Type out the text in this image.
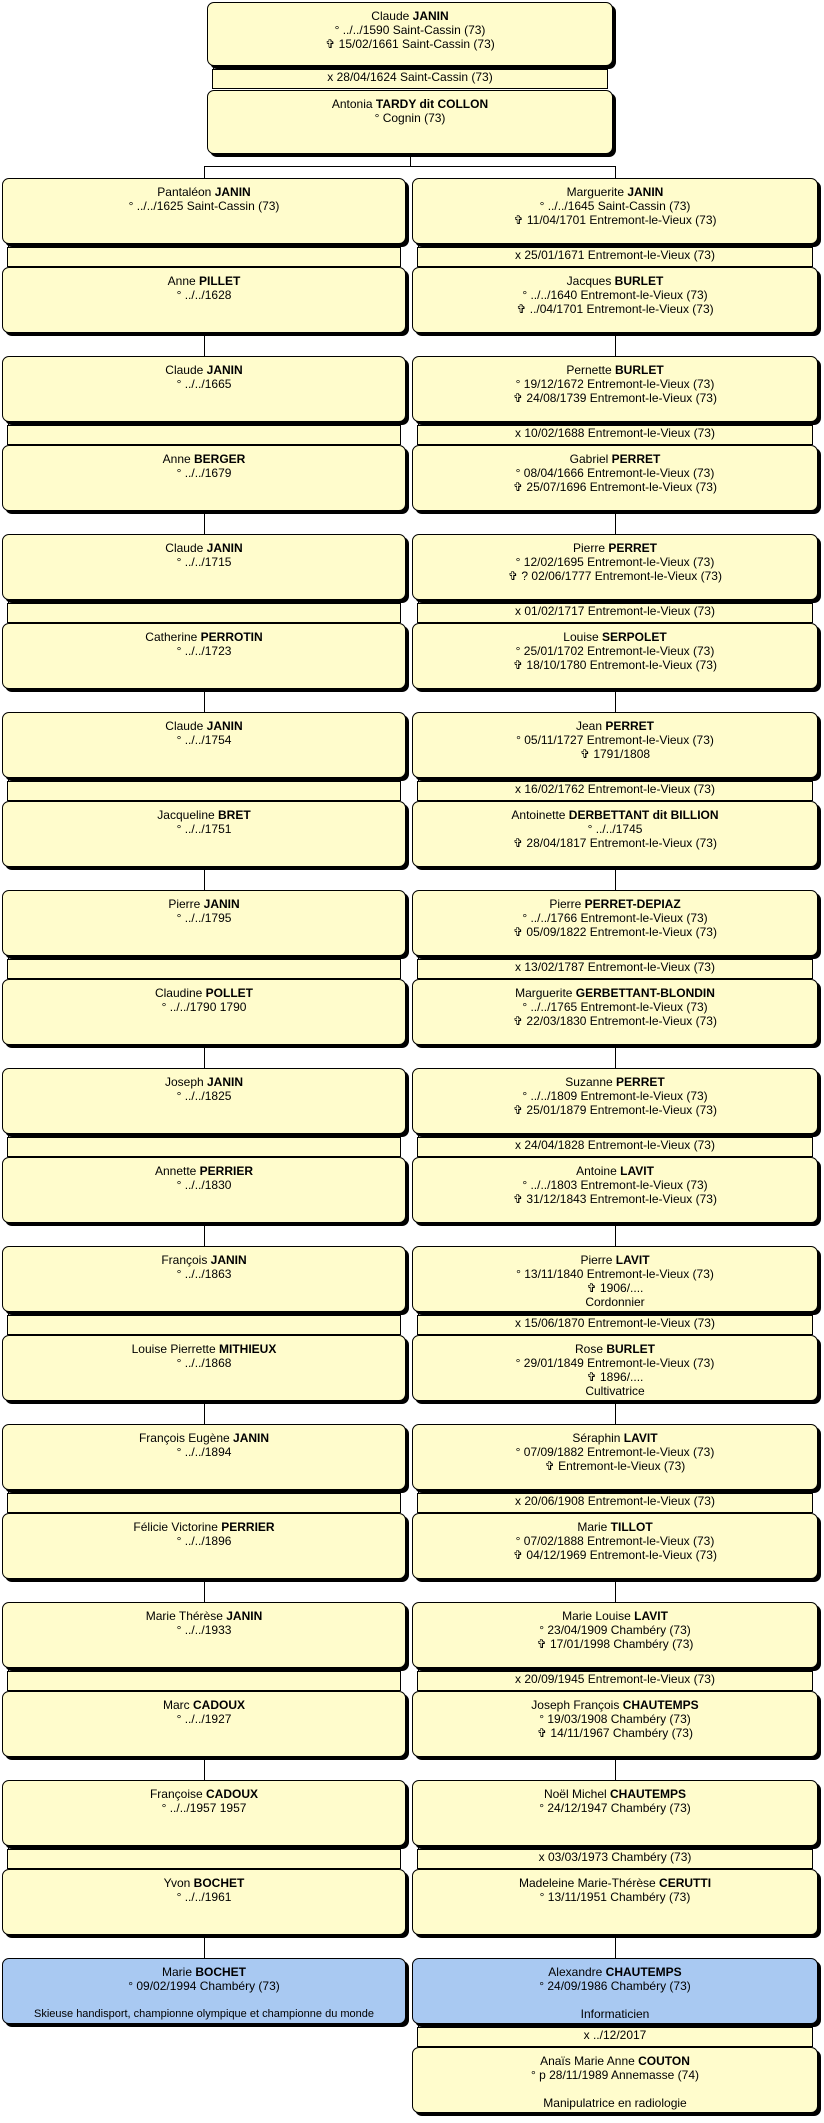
Claude JANIN
° ../../1590 Saint-Cassin (73)
✞ 15/02/1661 Saint-Cassin (73)
x 28/04/1624 Saint-Cassin (73)
Antonia TARDY dit COLLON
° Cognin (73)
Pantaléon JANIN
° ../../1625 Saint-Cassin (73)
Anne PILLET
° ../../1628
Marguerite JANIN
° ../../1645 Saint-Cassin (73)
✞ 11/04/1701 Entremont-le-Vieux (73)
x 25/01/1671 Entremont-le-Vieux (73)
Jacques BURLET
° ../../1640 Entremont-le-Vieux (73)
✞ ../04/1701 Entremont-le-Vieux (73)
Claude JANIN
° ../../1665
Anne BERGER
° ../../1679
Pernette BURLET
° 19/12/1672 Entremont-le-Vieux (73)
✞ 24/08/1739 Entremont-le-Vieux (73)
x 10/02/1688 Entremont-le-Vieux (73)
Gabriel PERRET
° 08/04/1666 Entremont-le-Vieux (73)
✞ 25/07/1696 Entremont-le-Vieux (73)
Claude JANIN
° ../../1715
Catherine PERROTIN
° ../../1723
Pierre PERRET
° 12/02/1695 Entremont-le-Vieux (73)
✞ ? 02/06/1777 Entremont-le-Vieux (73)
x 01/02/1717 Entremont-le-Vieux (73)
Louise SERPOLET
° 25/01/1702 Entremont-le-Vieux (73)
✞ 18/10/1780 Entremont-le-Vieux (73)
Claude JANIN
° ../../1754
Jacqueline BRET
° ../../1751
Jean PERRET
° 05/11/1727 Entremont-le-Vieux (73)
✞ 1791/1808
x 16/02/1762 Entremont-le-Vieux (73)
Antoinette DERBETTANT dit BILLION
° ../../1745
✞ 28/04/1817 Entremont-le-Vieux (73)
Pierre JANIN
° ../../1795
Claudine POLLET
° ../../1790 1790
Pierre PERRET-DEPIAZ
° ../../1766 Entremont-le-Vieux (73)
✞ 05/09/1822 Entremont-le-Vieux (73)
x 13/02/1787 Entremont-le-Vieux (73)
Marguerite GERBETTANT-BLONDIN
° ../../1765 Entremont-le-Vieux (73)
✞ 22/03/1830 Entremont-le-Vieux (73)
Joseph JANIN
° ../../1825
Annette PERRIER
° ../../1830
Suzanne PERRET
° ../../1809 Entremont-le-Vieux (73)
✞ 25/01/1879 Entremont-le-Vieux (73)
x 24/04/1828 Entremont-le-Vieux (73)
Antoine LAVIT
° ../../1803 Entremont-le-Vieux (73)
✞ 31/12/1843 Entremont-le-Vieux (73)
François JANIN
° ../../1863
Louise Pierrette MITHIEUX
° ../../1868
Pierre LAVIT
° 13/11/1840 Entremont-le-Vieux (73)
✞ 1906/....
Cordonnier
x 15/06/1870 Entremont-le-Vieux (73)
Rose BURLET
° 29/01/1849 Entremont-le-Vieux (73)
✞ 1896/....
Cultivatrice
François Eugène JANIN
° ../../1894
Félicie Victorine PERRIER
° ../../1896
Séraphin LAVIT
° 07/09/1882 Entremont-le-Vieux (73)
✞ Entremont-le-Vieux (73)
x 20/06/1908 Entremont-le-Vieux (73)
Marie TILLOT
° 07/02/1888 Entremont-le-Vieux (73)
✞ 04/12/1969 Entremont-le-Vieux (73)
Marie Thérèse JANIN
° ../../1933
Marc CADOUX
° ../../1927
Marie Louise LAVIT
° 23/04/1909 Chambéry (73)
✞ 17/01/1998 Chambéry (73)
x 20/09/1945 Entremont-le-Vieux (73)
Joseph François CHAUTEMPS
° 19/03/1908 Chambéry (73)
✞ 14/11/1967 Chambéry (73)
Françoise CADOUX
° ../../1957 1957
Yvon BOCHET
° ../../1961
Noël Michel CHAUTEMPS
° 24/12/1947 Chambéry (73)
x 03/03/1973 Chambéry (73)
Madeleine Marie-Thérèse CERUTTI
° 13/11/1951 Chambéry (73)
Marie BOCHET
° 09/02/1994 Chambéry (73)

Skieuse handisport, championne olympique et championne du monde
Alexandre CHAUTEMPS
° 24/09/1986 Chambéry (73)

Informaticien
x ../12/2017
Anaïs Marie Anne COUTON
° p 28/11/1989 Annemasse (74)

Manipulatrice en radiologie
